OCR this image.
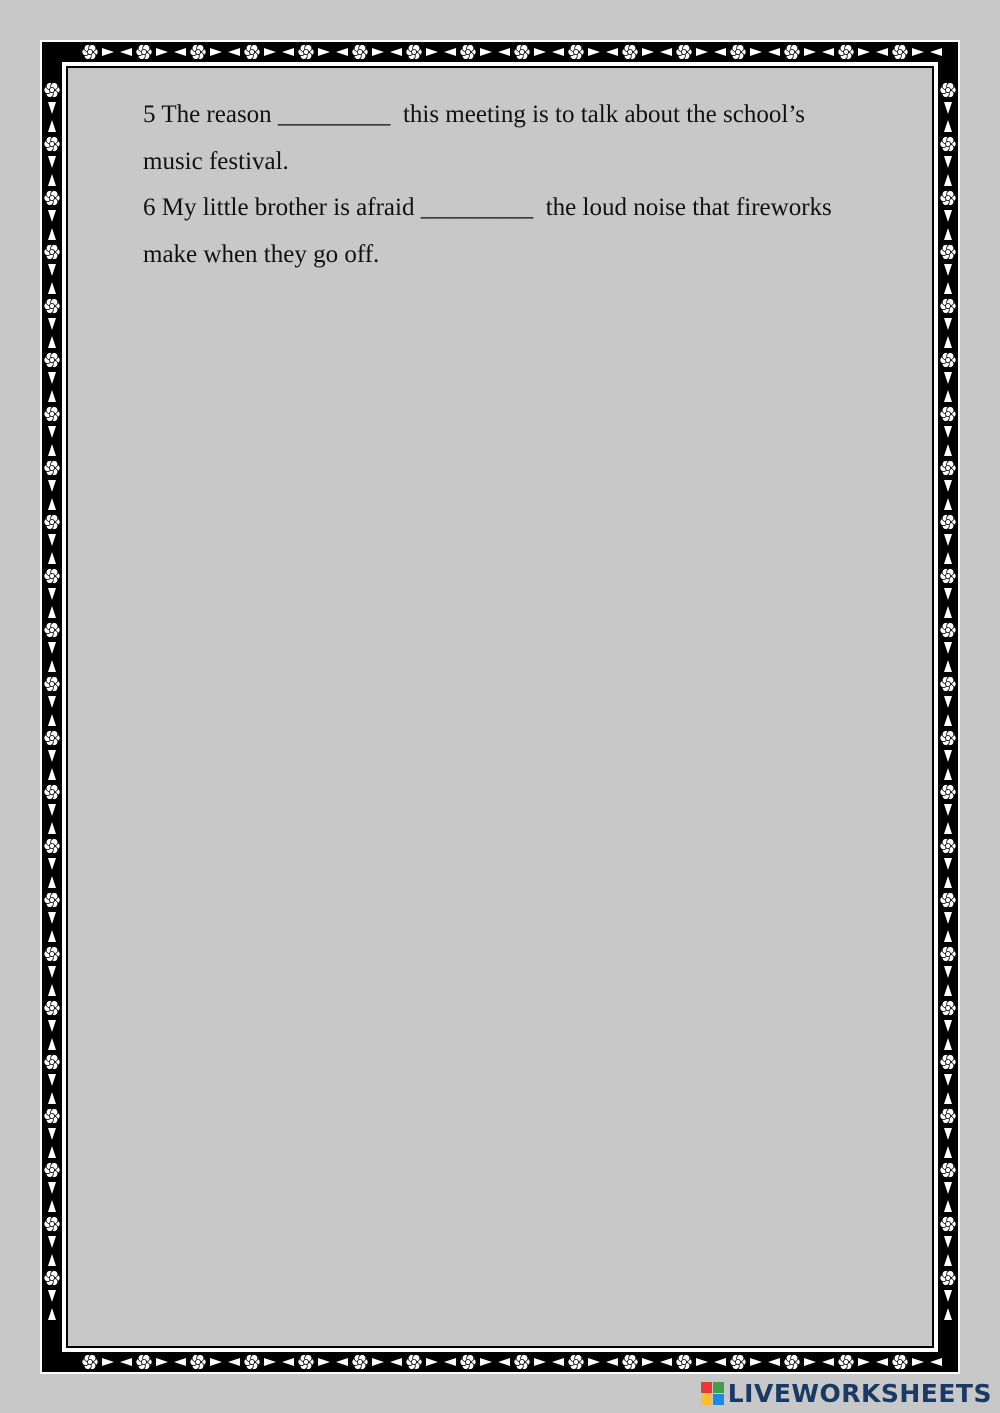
5 The reason _________ this meeting is to talk about the school’s

music festival.

6 My little brother is afraid _________ the loud noise that fireworks

make when they go off.

LIVEWORKSHEETS
